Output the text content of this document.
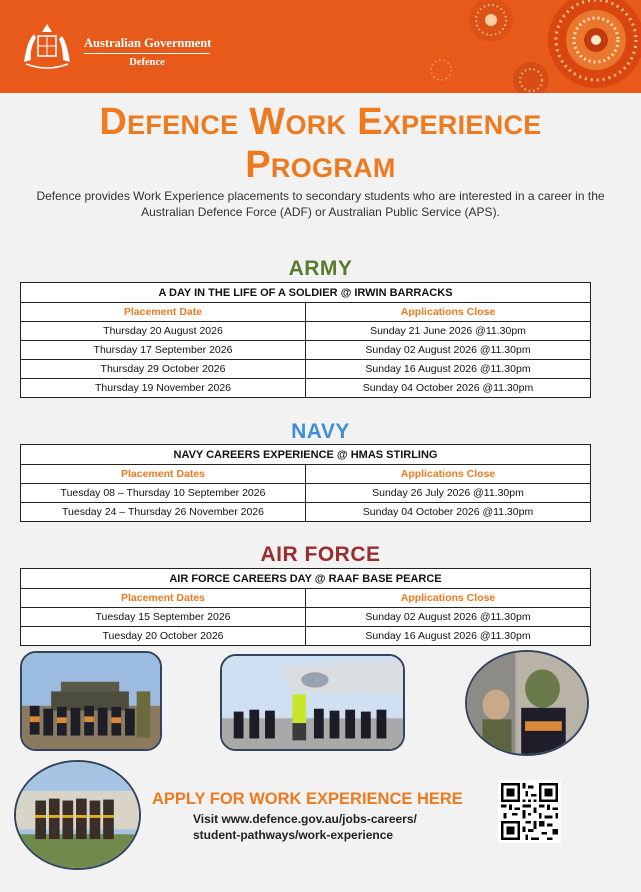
Australian Government
Defence
Defence Work Experience
Program
Defence provides Work Experience placements to secondary students who are interested in a career in the Australian Defence Force (ADF) or Australian Public Service (APS).
ARMY
A DAY IN THE LIFE OF A SOLDIER @ IRWIN BARRACKS	
Placement Date	Applications Close
Thursday 20 August 2026	Sunday 21 June 2026 @11.30pm
Thursday 17 September 2026	Sunday 02 August 2026 @11.30pm
Thursday 29 October 2026	Sunday 16 August 2026 @11.30pm
Thursday 19 November 2026	Sunday 04 October 2026 @11.30pm
NAVY
NAVY CAREERS EXPERIENCE @ HMAS STIRLING	
Placement Dates	Applications Close
Tuesday 08 – Thursday 10 September 2026	Sunday 26 July 2026 @11.30pm
Tuesday 24 – Thursday 26 November 2026	Sunday 04 October 2026 @11.30pm
AIR FORCE
AIR FORCE CAREERS DAY @ RAAF BASE PEARCE	
Placement Dates	Applications Close
Tuesday 15 September 2026	Sunday 02 August 2026 @11.30pm
Tuesday 20 October 2026	Sunday 16 August 2026 @11.30pm
APPLY FOR WORK EXPERIENCE HERE
Visit www.defence.gov.au/jobs-careers/
student-pathways/work-experience
